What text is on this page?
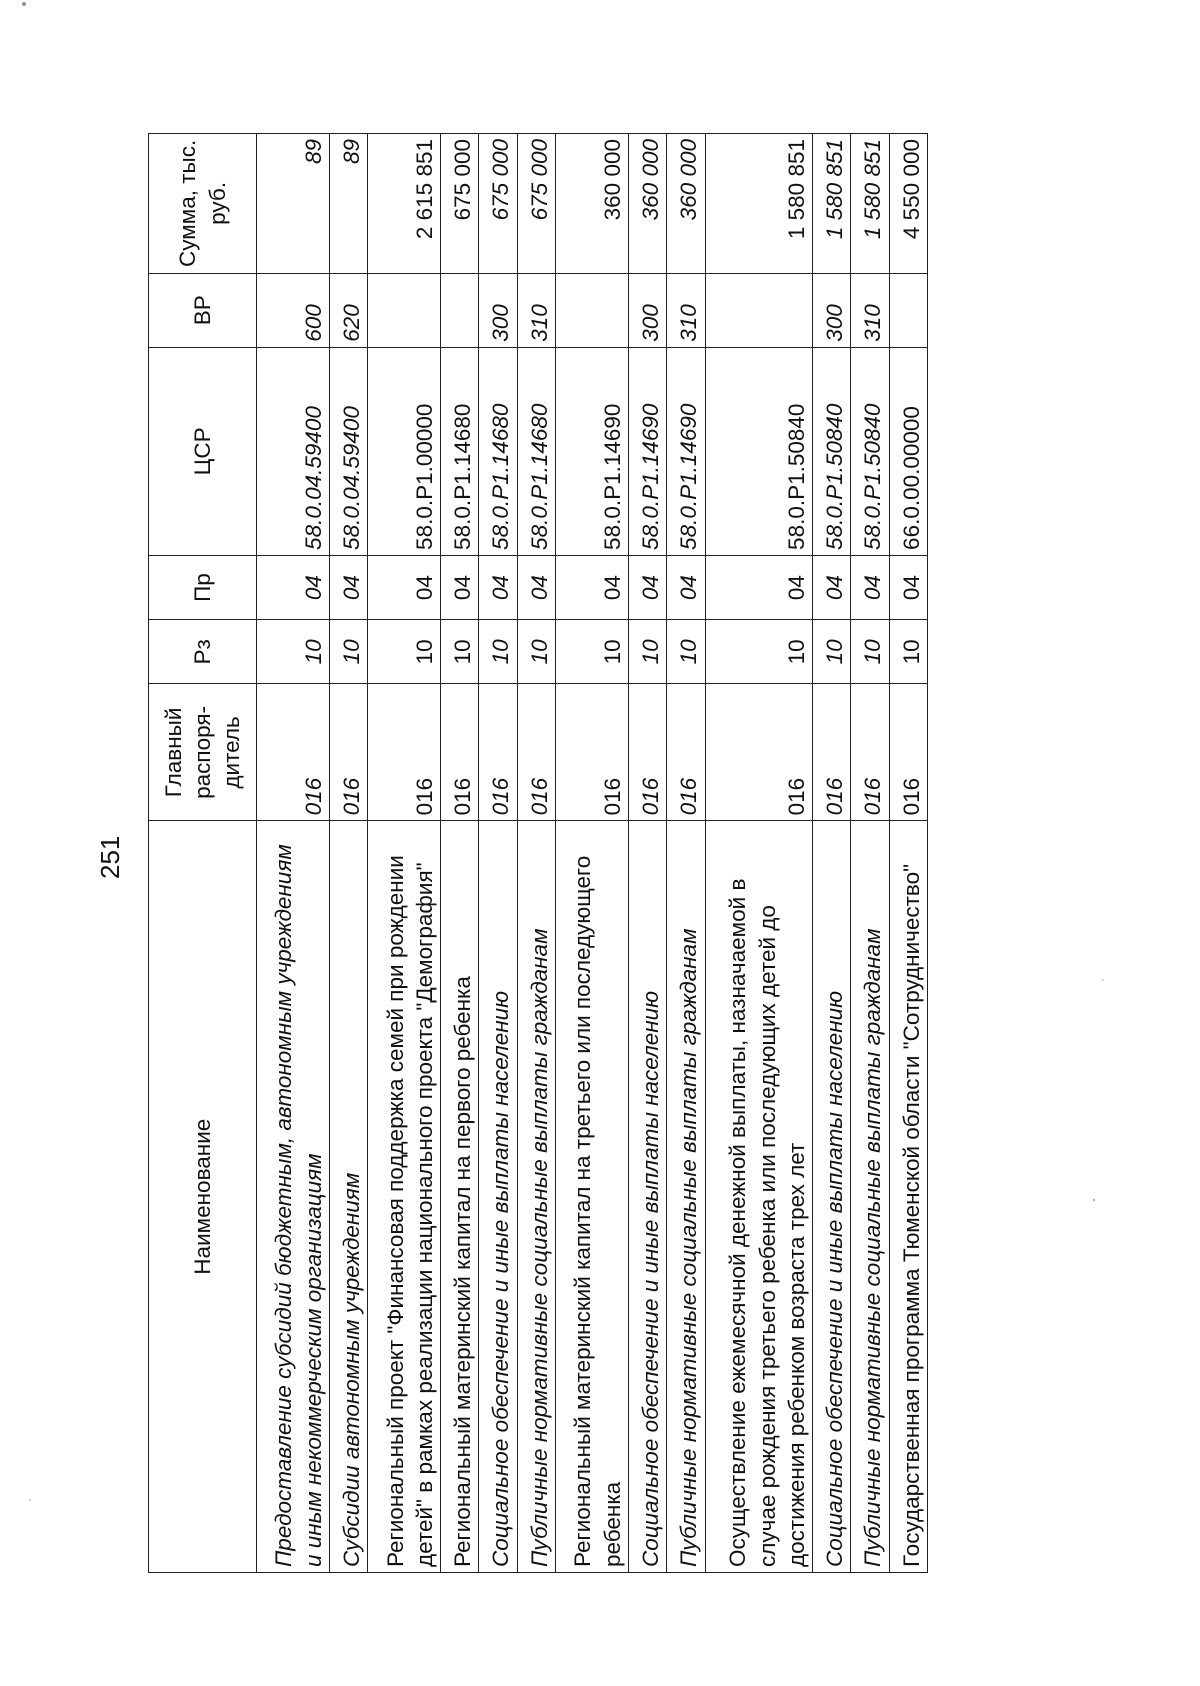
251
Наименование	Главный распоря-дитель	Рз	Пр	ЦСР	ВР	Сумма, тыс. руб.
Предоставление субсидий бюджетным, автономным учреждениям и иным некоммерческим организациям	016	10	04	58.0.04.59400	600	89
Субсидии автономным учреждениям	016	10	04	58.0.04.59400	620	89
Региональный проект "Финансовая поддержка семей при рождении детей" в рамках реализации национального проекта "Демография"	016	10	04	58.0.P1.00000		2 615 851
Региональный материнский капитал на первого ребенка	016	10	04	58.0.P1.14680		675 000
Социальное обеспечение и иные выплаты населению	016	10	04	58.0.P1.14680	300	675 000
Публичные нормативные социальные выплаты гражданам	016	10	04	58.0.P1.14680	310	675 000
Региональный материнский капитал на третьего или последующего ребенка	016	10	04	58.0.P1.14690		360 000
Социальное обеспечение и иные выплаты населению	016	10	04	58.0.P1.14690	300	360 000
Публичные нормативные социальные выплаты гражданам	016	10	04	58.0.P1.14690	310	360 000
Осуществление ежемесячной денежной выплаты, назначаемой в случае рождения третьего ребенка или последующих детей до достижения ребенком возраста трех лет	016	10	04	58.0.P1.50840		1 580 851
Социальное обеспечение и иные выплаты населению	016	10	04	58.0.P1.50840	300	1 580 851
Публичные нормативные социальные выплаты гражданам	016	10	04	58.0.P1.50840	310	1 580 851
Государственная программа Тюменской области "Сотрудничество"	016	10	04	66.0.00.00000		4 550 000
